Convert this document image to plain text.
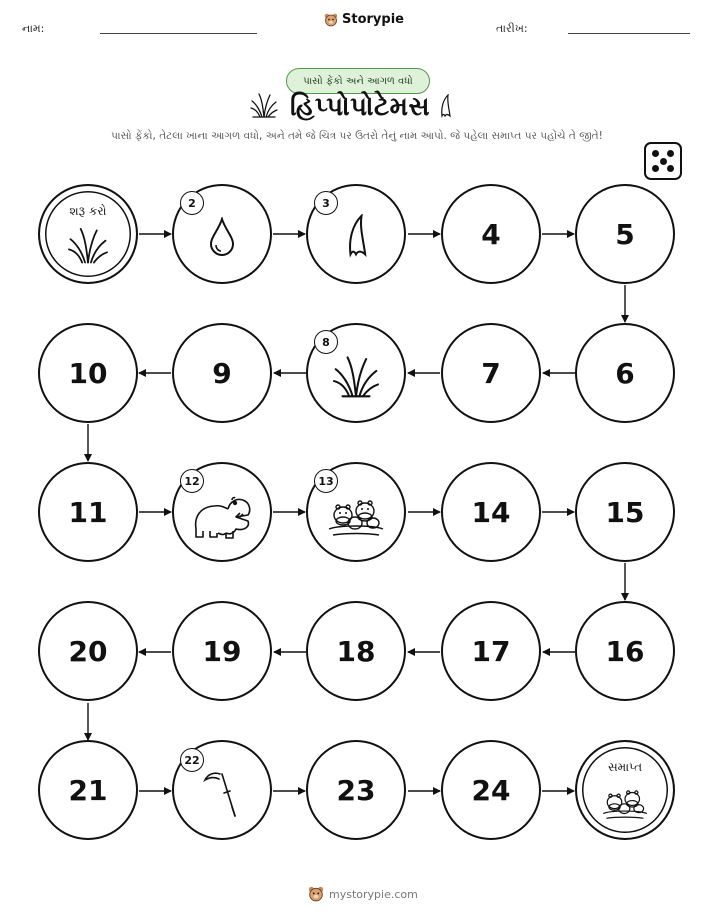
નામ:
Storypie
તારીખ:
પાસો ફેંકો અને આગળ વધો
હિપ્પોપોટેમસ
પાસો ફેંકો, તેટલા ખાના આગળ વધો, અને તમે જે ચિત્ર પર ઉતરો તેનું નામ આપો. જે પહેલા સમાપ્ત પર પહોંચે તે જીતે!
શરૂ કરો
2	3
4	5
10	9
8
7	6
11
12	13
14	15
20	19	18	17	16
21
22
23	24
સમાપ્ત
mystorypie.com
